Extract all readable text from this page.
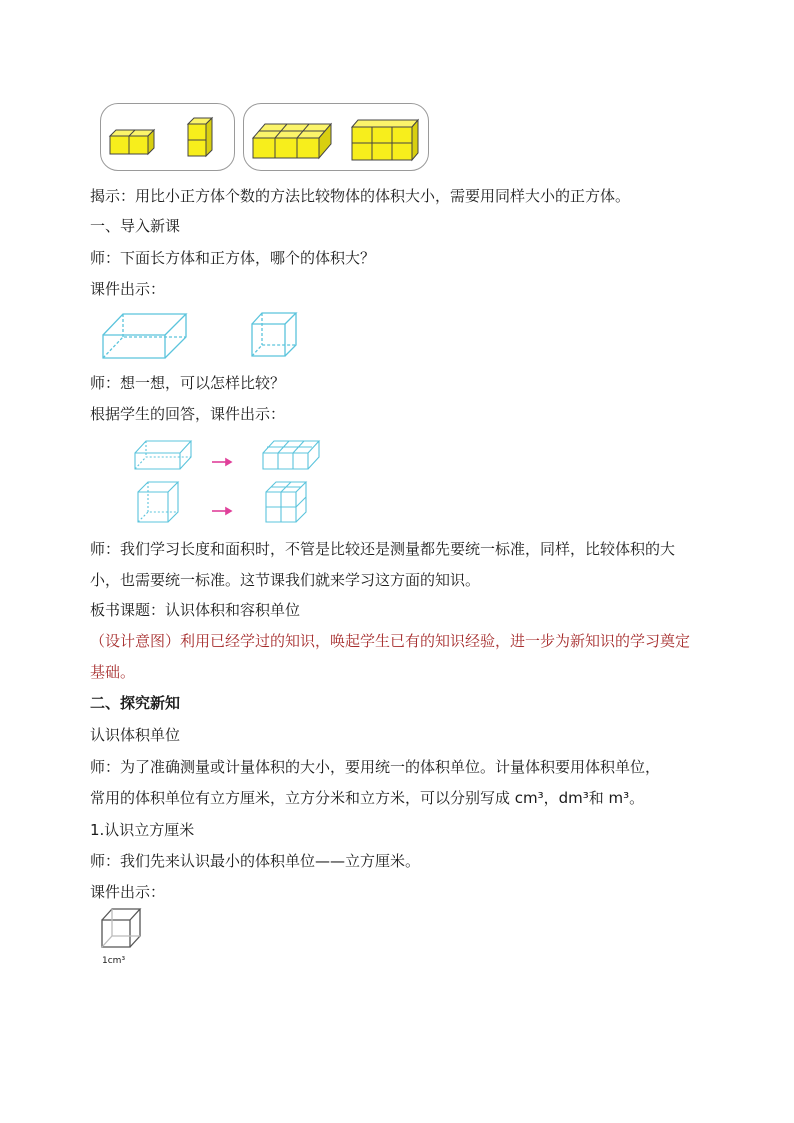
揭示：用比小正方体个数的方法比较物体的体积大小，需要用同样大小的正方体。
一、导入新课
师：下面长方体和正方体，哪个的体积大？
课件出示：
师：想一想，可以怎样比较？
根据学生的回答，课件出示：
师：我们学习长度和面积时，不管是比较还是测量都先要统一标准，同样，比较体积的大小，也需要统一标准。这节课我们就来学习这方面的知识。
板书课题：认识体积和容积单位
（设计意图）利用已经学过的知识，唤起学生已有的知识经验，进一步为新知识的学习奠定基础。
二、探究新知
认识体积单位
师：为了准确测量或计量体积的大小，要用统一的体积单位。计量体积要用体积单位，
常用的体积单位有立方厘米，立方分米和立方米，可以分别写成 cm³，dm³和 m³。
1.认识立方厘米
师：我们先来认识最小的体积单位——立方厘米。
课件出示：
1cm³
